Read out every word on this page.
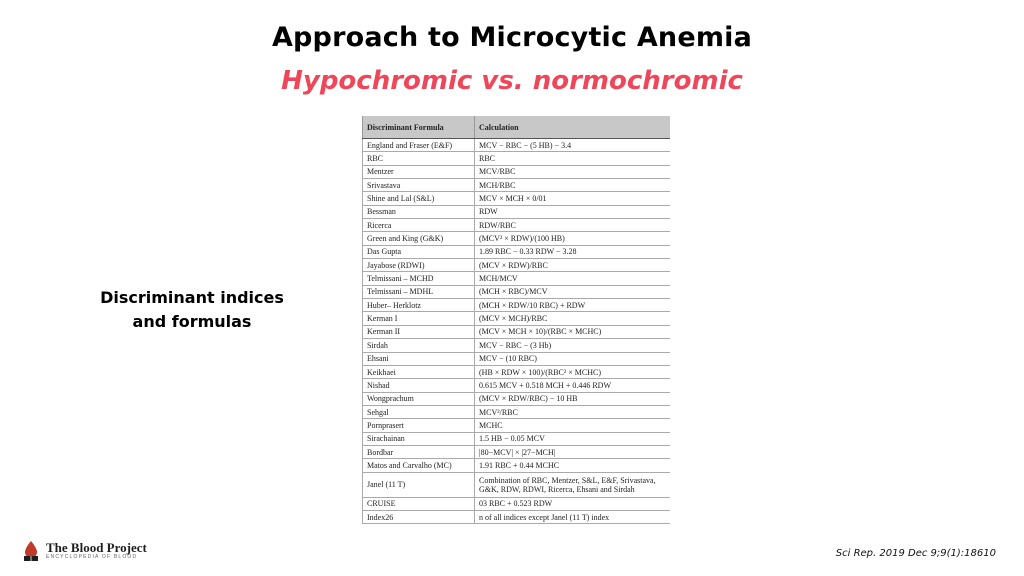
Approach to Microcytic Anemia
Hypochromic vs. normochromic
Discriminant indices
and formulas
Discriminant Formula	Calculation
England and Fraser (E&F)	MCV − RBC − (5 HB) − 3.4
RBC	RBC
Mentzer	MCV/RBC
Srivastava	MCH/RBC
Shine and Lal (S&L)	MCV × MCH × 0/01
Bessman	RDW
Ricerca	RDW/RBC
Green and King (G&K)	(MCV² × RDW)/(100 HB)
Das Gupta	1.89 RBC − 0.33 RDW − 3.28
Jayabose (RDWI)	(MCV × RDW)/RBC
Telmissani – MCHD	MCH/MCV
Telmissani – MDHL	(MCH × RBC)/MCV
Huber– Herklotz	(MCH × RDW/10 RBC) + RDW
Kerman I	(MCV × MCH)/RBC
Kerman II	(MCV × MCH × 10)/(RBC × MCHC)
Sirdah	MCV − RBC − (3 Hb)
Ehsani	MCV − (10 RBC)
Keikhaei	(HB × RDW × 100)/(RBC² × MCHC)
Nishad	0.615 MCV + 0.518 MCH + 0.446 RDW
Wongprachum	(MCV × RDW/RBC) − 10 HB
Sehgal	MCV²/RBC
Pornprasert	MCHC
Sirachainan	1.5 HB − 0.05 MCV
Bordbar	|80−MCV| × |27−MCH|
Matos and Carvalho (MC)	1.91 RBC + 0.44 MCHC
Janel (11 T)	Combination of RBC, Mentzer, S&L, E&F, Srivastava, G&K, RDW, RDWI, Ricerca, Ehsani and Sirdah
CRUISE	03 RBC + 0.523 RDW
Index26	n of all indices except Janel (11 T) index
The Blood Project
ENCYCLOPEDIA OF BLOOD	Sci Rep. 2019 Dec 9;9(1):18610
